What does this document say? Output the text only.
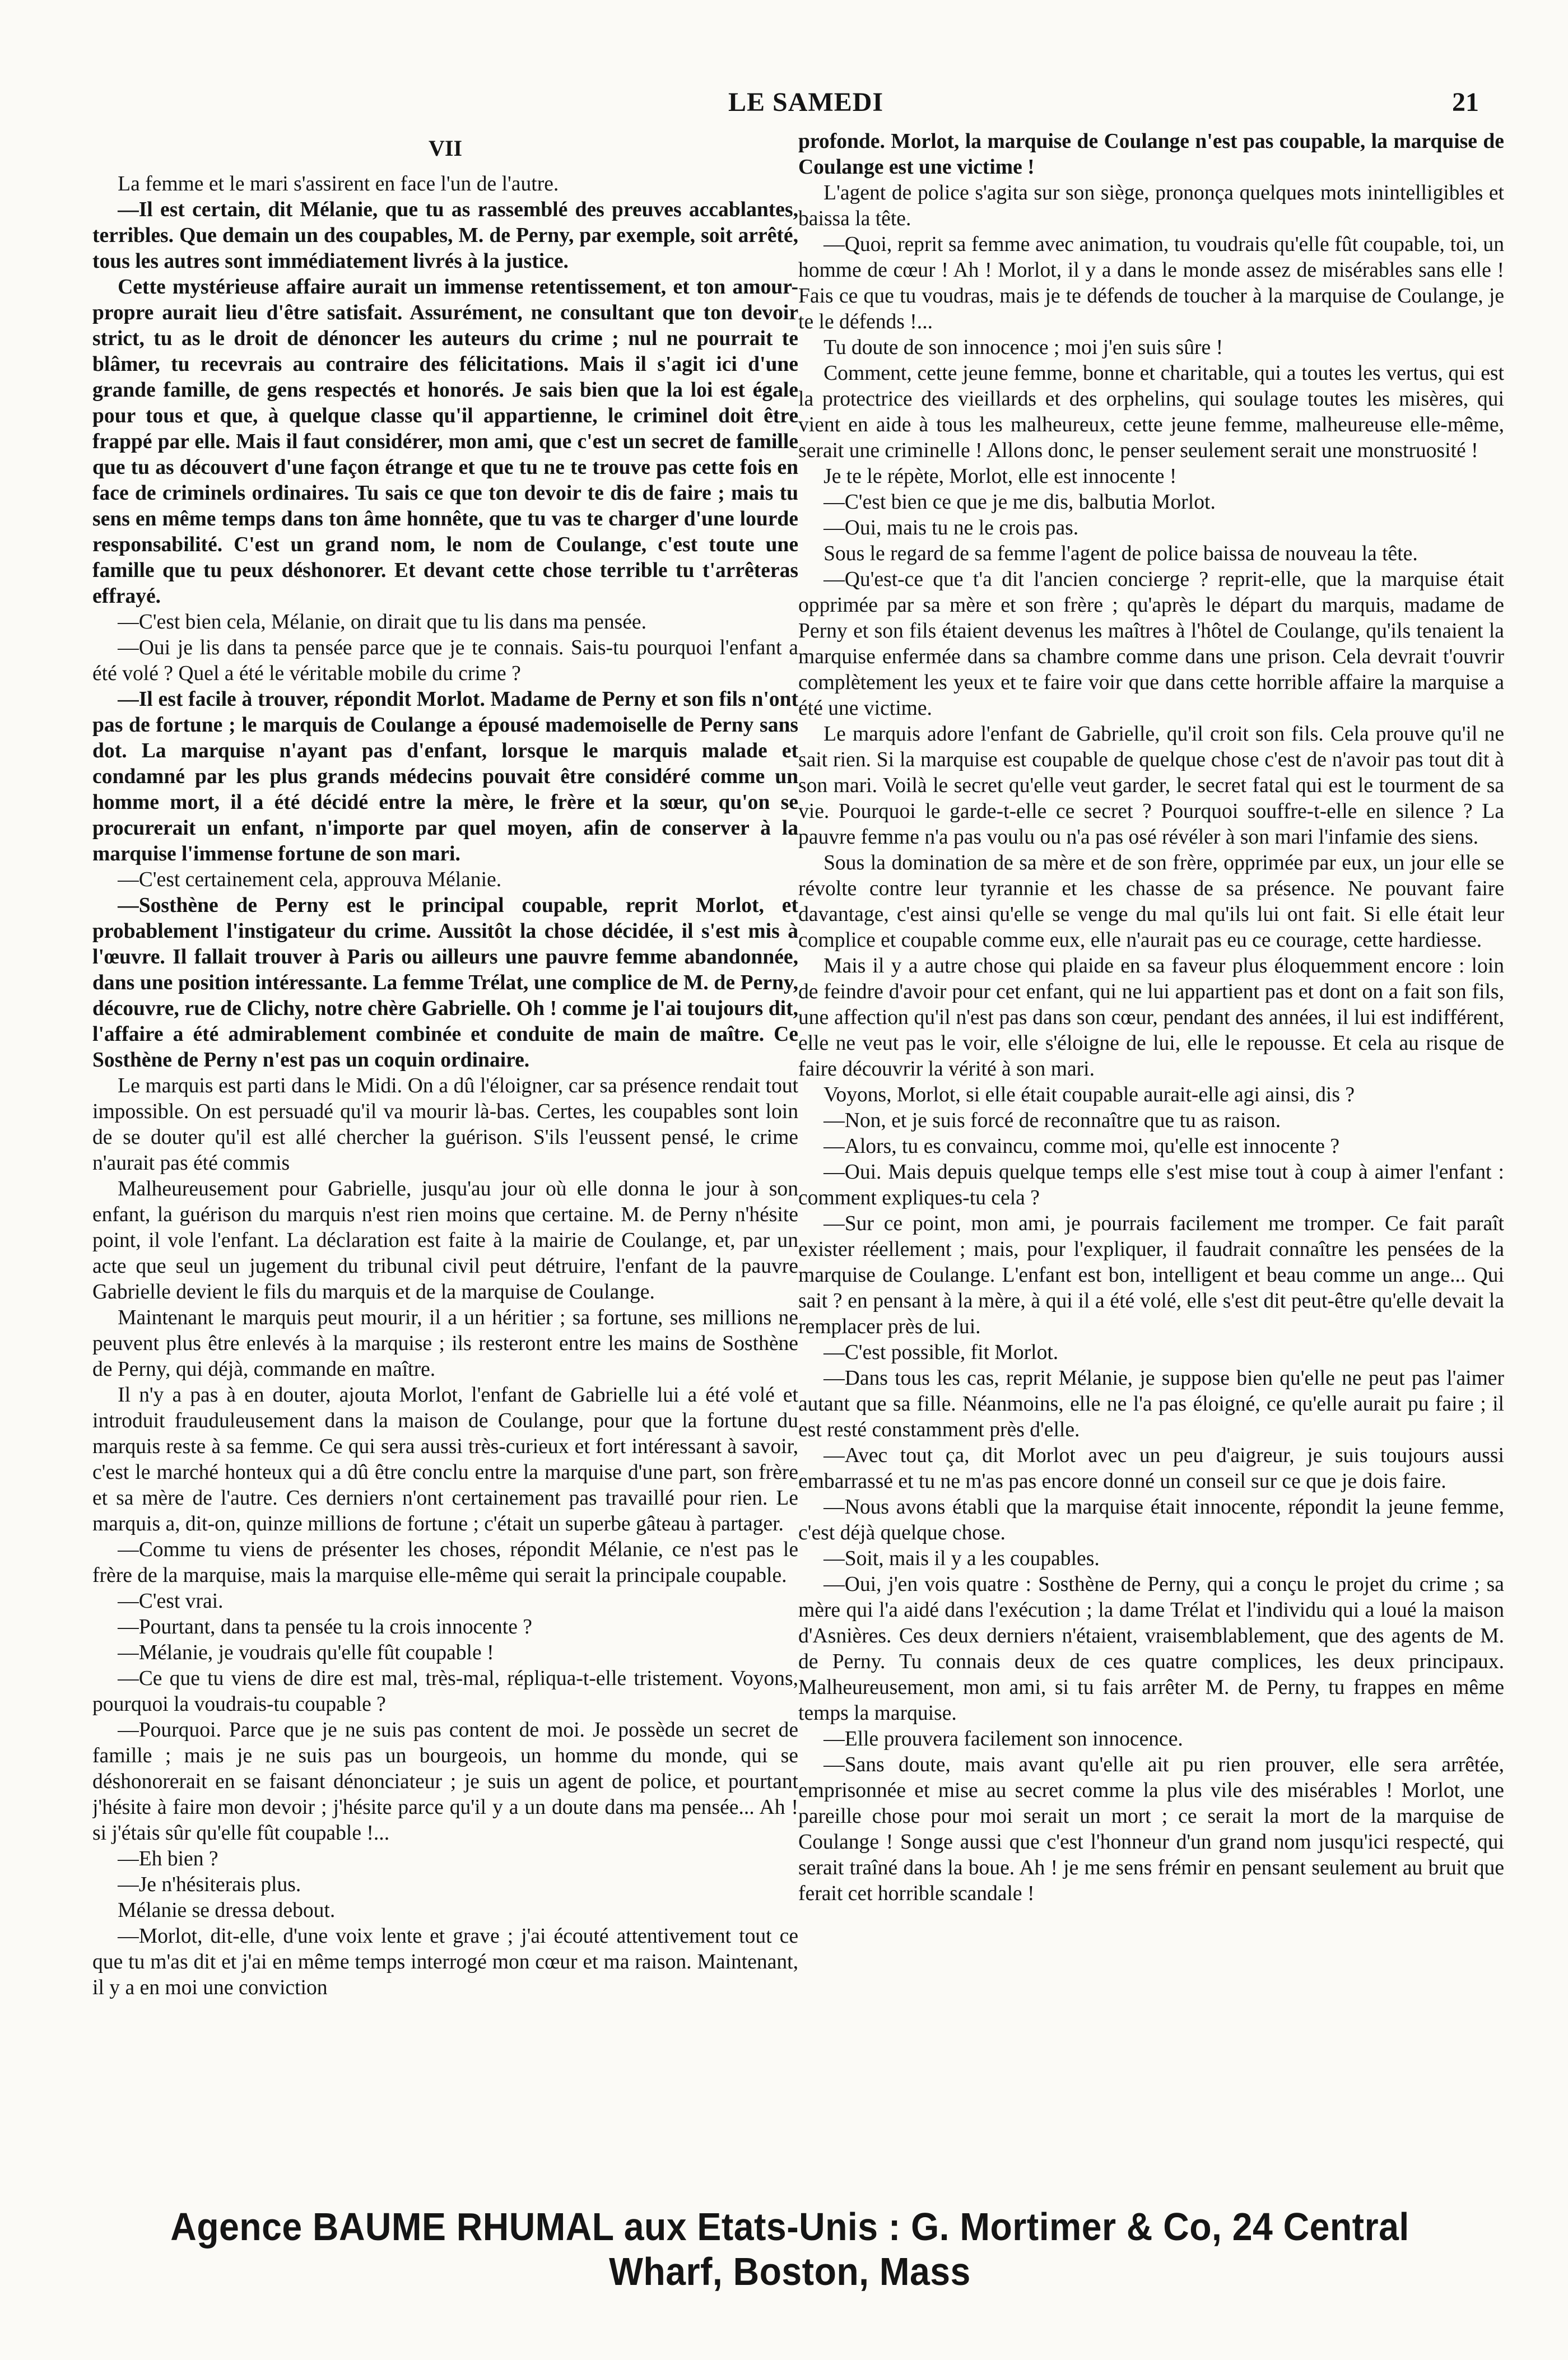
LE SAMEDI	21
VII

La femme et le mari s'assirent en face l'un de l'autre.

—Il est certain, dit Mélanie, que tu as rassemblé des preuves accablantes, terribles. Que demain un des coupables, M. de Perny, par exemple, soit arrêté, tous les autres sont immédiatement livrés à la justice.

Cette mystérieuse affaire aurait un immense retentissement, et ton amour-propre aurait lieu d'être satisfait. Assurément, ne consultant que ton devoir strict, tu as le droit de dénoncer les auteurs du crime ; nul ne pourrait te blâmer, tu recevrais au contraire des félicitations. Mais il s'agit ici d'une grande famille, de gens respectés et honorés. Je sais bien que la loi est égale pour tous et que, à quelque classe qu'il appartienne, le criminel doit être frappé par elle. Mais il faut considérer, mon ami, que c'est un secret de famille que tu as découvert d'une façon étrange et que tu ne te trouve pas cette fois en face de criminels ordinaires. Tu sais ce que ton devoir te dis de faire ; mais tu sens en même temps dans ton âme honnête, que tu vas te charger d'une lourde responsabilité. C'est un grand nom, le nom de Coulange, c'est toute une famille que tu peux déshonorer. Et devant cette chose terrible tu t'arrêteras effrayé.

—C'est bien cela, Mélanie, on dirait que tu lis dans ma pensée.

—Oui je lis dans ta pensée parce que je te connais. Sais-tu pourquoi l'enfant a été volé ? Quel a été le véritable mobile du crime ?

—Il est facile à trouver, répondit Morlot. Madame de Perny et son fils n'ont pas de fortune ; le marquis de Coulange a épousé mademoiselle de Perny sans dot. La marquise n'ayant pas d'enfant, lorsque le marquis malade et condamné par les plus grands médecins pouvait être considéré comme un homme mort, il a été décidé entre la mère, le frère et la sœur, qu'on se procurerait un enfant, n'importe par quel moyen, afin de conserver à la marquise l'immense fortune de son mari.

—C'est certainement cela, approuva Mélanie.

—Sosthène de Perny est le principal coupable, reprit Morlot, et probablement l'instigateur du crime. Aussitôt la chose décidée, il s'est mis à l'œuvre. Il fallait trouver à Paris ou ailleurs une pauvre femme abandonnée, dans une position intéressante. La femme Trélat, une complice de M. de Perny, découvre, rue de Clichy, notre chère Gabrielle. Oh ! comme je l'ai toujours dit, l'affaire a été admirablement combinée et conduite de main de maître. Ce Sosthène de Perny n'est pas un coquin ordinaire.

Le marquis est parti dans le Midi. On a dû l'éloigner, car sa présence rendait tout impossible. On est persuadé qu'il va mourir là-bas. Certes, les coupables sont loin de se douter qu'il est allé chercher la guérison. S'ils l'eussent pensé, le crime n'aurait pas été commis

Malheureusement pour Gabrielle, jusqu'au jour où elle donna le jour à son enfant, la guérison du marquis n'est rien moins que certaine. M. de Perny n'hésite point, il vole l'enfant. La déclaration est faite à la mairie de Coulange, et, par un acte que seul un jugement du tribunal civil peut détruire, l'enfant de la pauvre Gabrielle devient le fils du marquis et de la marquise de Coulange.

Maintenant le marquis peut mourir, il a un héritier ; sa fortune, ses millions ne peuvent plus être enlevés à la marquise ; ils resteront entre les mains de Sosthène de Perny, qui déjà, commande en maître.

Il n'y a pas à en douter, ajouta Morlot, l'enfant de Gabrielle lui a été volé et introduit frauduleusement dans la maison de Coulange, pour que la fortune du marquis reste à sa femme. Ce qui sera aussi très-curieux et fort intéressant à savoir, c'est le marché honteux qui a dû être conclu entre la marquise d'une part, son frère et sa mère de l'autre. Ces derniers n'ont certainement pas travaillé pour rien. Le marquis a, dit-on, quinze millions de fortune ; c'était un superbe gâteau à partager.

—Comme tu viens de présenter les choses, répondit Mélanie, ce n'est pas le frère de la marquise, mais la marquise elle-même qui serait la principale coupable.

—C'est vrai.

—Pourtant, dans ta pensée tu la crois innocente ?

—Mélanie, je voudrais qu'elle fût coupable !

—Ce que tu viens de dire est mal, très-mal, répliqua-t-elle tristement. Voyons, pourquoi la voudrais-tu coupable ?

—Pourquoi. Parce que je ne suis pas content de moi. Je possède un secret de famille ; mais je ne suis pas un bourgeois, un homme du monde, qui se déshonorerait en se faisant dénonciateur ; je suis un agent de police, et pourtant j'hésite à faire mon devoir ; j'hésite parce qu'il y a un doute dans ma pensée... Ah ! si j'étais sûr qu'elle fût coupable !...

—Eh bien ?

—Je n'hésiterais plus.

Mélanie se dressa debout.

—Morlot, dit-elle, d'une voix lente et grave ; j'ai écouté attentivement tout ce que tu m'as dit et j'ai en même temps interrogé mon cœur et ma raison. Maintenant, il y a en moi une conviction

profonde. Morlot, la marquise de Coulange n'est pas coupable, la marquise de Coulange est une victime !

L'agent de police s'agita sur son siège, prononça quelques mots inintelligibles et baissa la tête.

—Quoi, reprit sa femme avec animation, tu voudrais qu'elle fût coupable, toi, un homme de cœur ! Ah ! Morlot, il y a dans le monde assez de misérables sans elle ! Fais ce que tu voudras, mais je te défends de toucher à la marquise de Coulange, je te le défends !...

Tu doute de son innocence ; moi j'en suis sûre !

Comment, cette jeune femme, bonne et charitable, qui a toutes les vertus, qui est la protectrice des vieillards et des orphelins, qui soulage toutes les misères, qui vient en aide à tous les malheureux, cette jeune femme, malheureuse elle-même, serait une criminelle ! Allons donc, le penser seulement serait une monstruosité !

Je te le répète, Morlot, elle est innocente !

—C'est bien ce que je me dis, balbutia Morlot.

—Oui, mais tu ne le crois pas.

Sous le regard de sa femme l'agent de police baissa de nouveau la tête.

—Qu'est-ce que t'a dit l'ancien concierge ? reprit-elle, que la marquise était opprimée par sa mère et son frère ; qu'après le départ du marquis, madame de Perny et son fils étaient devenus les maîtres à l'hôtel de Coulange, qu'ils tenaient la marquise enfermée dans sa chambre comme dans une prison. Cela devrait t'ouvrir complètement les yeux et te faire voir que dans cette horrible affaire la marquise a été une victime.

Le marquis adore l'enfant de Gabrielle, qu'il croit son fils. Cela prouve qu'il ne sait rien. Si la marquise est coupable de quelque chose c'est de n'avoir pas tout dit à son mari. Voilà le secret qu'elle veut garder, le secret fatal qui est le tourment de sa vie. Pourquoi le garde-t-elle ce secret ? Pourquoi souffre-t-elle en silence ? La pauvre femme n'a pas voulu ou n'a pas osé révéler à son mari l'infamie des siens.

Sous la domination de sa mère et de son frère, opprimée par eux, un jour elle se révolte contre leur tyrannie et les chasse de sa présence. Ne pouvant faire davantage, c'est ainsi qu'elle se venge du mal qu'ils lui ont fait. Si elle était leur complice et coupable comme eux, elle n'aurait pas eu ce courage, cette hardiesse.

Mais il y a autre chose qui plaide en sa faveur plus éloquemment encore : loin de feindre d'avoir pour cet enfant, qui ne lui appartient pas et dont on a fait son fils, une affection qu'il n'est pas dans son cœur, pendant des années, il lui est indifférent, elle ne veut pas le voir, elle s'éloigne de lui, elle le repousse. Et cela au risque de faire découvrir la vérité à son mari.

Voyons, Morlot, si elle était coupable aurait-elle agi ainsi, dis ?

—Non, et je suis forcé de reconnaître que tu as raison.

—Alors, tu es convaincu, comme moi, qu'elle est innocente ?

—Oui. Mais depuis quelque temps elle s'est mise tout à coup à aimer l'enfant : comment expliques-tu cela ?

—Sur ce point, mon ami, je pourrais facilement me tromper. Ce fait paraît exister réellement ; mais, pour l'expliquer, il faudrait connaître les pensées de la marquise de Coulange. L'enfant est bon, intelligent et beau comme un ange... Qui sait ? en pensant à la mère, à qui il a été volé, elle s'est dit peut-être qu'elle devait la remplacer près de lui.

—C'est possible, fit Morlot.

—Dans tous les cas, reprit Mélanie, je suppose bien qu'elle ne peut pas l'aimer autant que sa fille. Néanmoins, elle ne l'a pas éloigné, ce qu'elle aurait pu faire ; il est resté constamment près d'elle.

—Avec tout ça, dit Morlot avec un peu d'aigreur, je suis toujours aussi embarrassé et tu ne m'as pas encore donné un conseil sur ce que je dois faire.

—Nous avons établi que la marquise était innocente, répondit la jeune femme, c'est déjà quelque chose.

—Soit, mais il y a les coupables.

—Oui, j'en vois quatre : Sosthène de Perny, qui a conçu le projet du crime ; sa mère qui l'a aidé dans l'exécution ; la dame Trélat et l'individu qui a loué la maison d'Asnières. Ces deux derniers n'étaient, vraisemblablement, que des agents de M. de Perny. Tu connais deux de ces quatre complices, les deux principaux. Malheureusement, mon ami, si tu fais arrêter M. de Perny, tu frappes en même temps la marquise.

—Elle prouvera facilement son innocence.

—Sans doute, mais avant qu'elle ait pu rien prouver, elle sera arrêtée, emprisonnée et mise au secret comme la plus vile des misérables ! Morlot, une pareille chose pour moi serait un mort ; ce serait la mort de la marquise de Coulange ! Songe aussi que c'est l'honneur d'un grand nom jusqu'ici respecté, qui serait traîné dans la boue. Ah ! je me sens frémir en pensant seulement au bruit que ferait cet horrible scandale !

Agence BAUME RHUMAL aux Etats-Unis : G. Mortimer & Co, 24 Central Wharf, Boston, Mass
